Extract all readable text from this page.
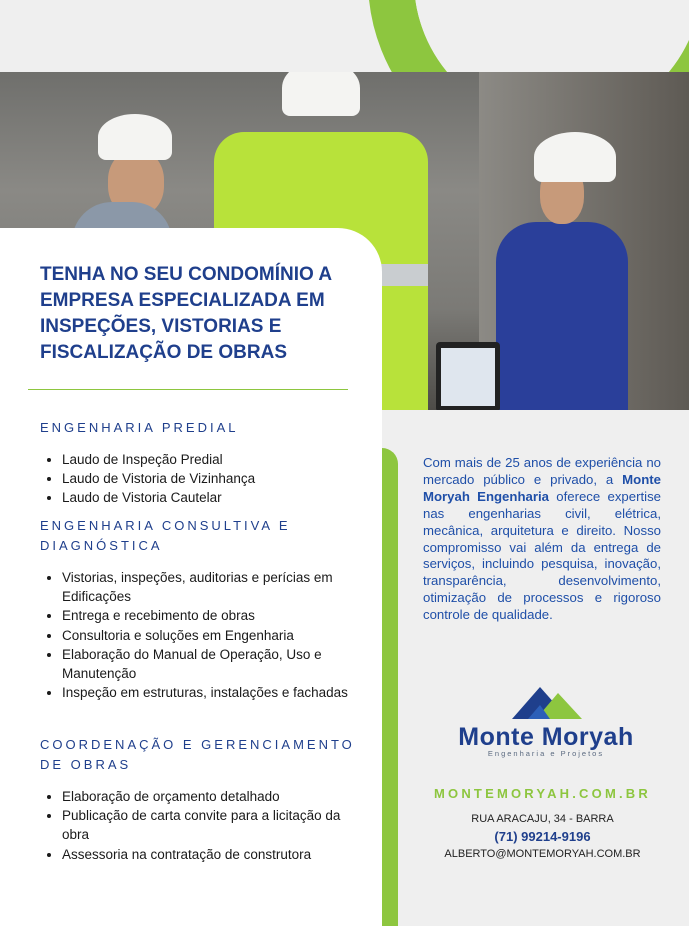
TENHA NO SEU CONDOMÍNIO A EMPRESA ESPECIALIZADA EM INSPEÇÕES, VISTORIAS E FISCALIZAÇÃO DE OBRAS
ENGENHARIA PREDIAL
• Laudo de Inspeção Predial
• Laudo de Vistoria de Vizinhança
• Laudo de Vistoria Cautelar
ENGENHARIA CONSULTIVA E DIAGNÓSTICA
• Vistorias, inspeções, auditorias e perícias em Edificações
• Entrega e recebimento de obras
• Consultoria e soluções em Engenharia
• Elaboração do Manual de Operação, Uso e Manutenção
• Inspeção em estruturas, instalações e fachadas
COORDENAÇÃO E GERENCIAMENTO DE OBRAS
• Elaboração de orçamento detalhado
• Publicação de carta convite para a licitação da obra
• Assessoria na contratação de construtora

Com mais de 25 anos de experiência no mercado público e privado, a Monte Moryah Engenharia oferece expertise nas engenharias civil, elétrica, mecânica, arquitetura e direito. Nosso compromisso vai além da entrega de serviços, incluindo pesquisa, inovação, transparência, desenvolvimento, otimização de processos e rigoroso controle de qualidade.

Monte Moryah
Engenharia e Projetos
MONTEMORYAH.COM.BR
RUA ARACAJU, 34 - BARRA
(71) 99214-9196
ALBERTO@MONTEMORYAH.COM.BR
